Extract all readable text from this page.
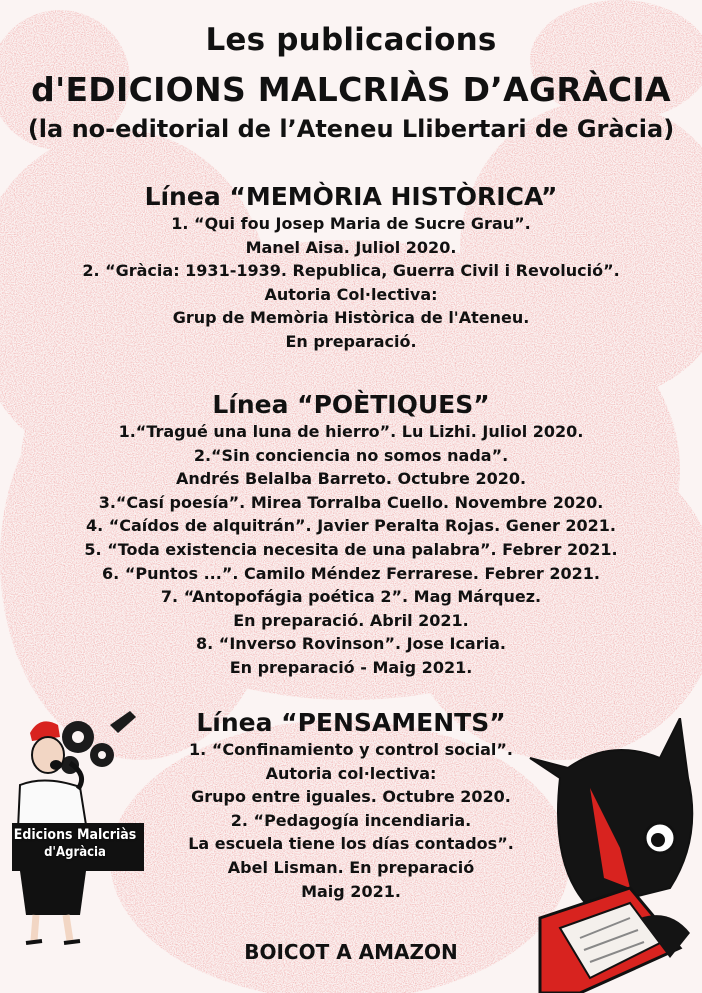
Edicions Malcriàs
d'Agràcia
Les publicacions
d'EDICIONS MALCRIÀS D’AGRÀCIA
(la no-editorial de l’Ateneu Llibertari de Gràcia)
Línea “MEMÒRIA HISTÒRICA”
1. “Qui fou Josep Maria de Sucre Grau”.
Manel Aisa. Juliol 2020.
2. “Gràcia: 1931-1939. Republica, Guerra Civil i Revolució”.
Autoria Col·lectiva:
Grup de Memòria Històrica de l'Ateneu.
En preparació.
Línea “POÈTIQUES”
1.“Tragué una luna de hierro”. Lu Lizhi. Juliol 2020.
2.“Sin conciencia no somos nada”.
Andrés Belalba Barreto. Octubre 2020.
3.“Casí poesía”. Mirea Torralba Cuello. Novembre 2020.
4. “Caídos de alquitrán”. Javier Peralta Rojas. Gener 2021.
5. “Toda existencia necesita de una palabra”. Febrer 2021.
6. “Puntos ...”. Camilo Méndez Ferrarese. Febrer 2021.
7. “Antopofágia poética 2”. Mag Márquez.
En preparació. Abril 2021.
8. “Inverso Rovinson”. Jose Icaria.
En preparació - Maig 2021.
Línea “PENSAMENTS”
1. “Confinamiento y control social”.
Autoria col·lectiva:
Grupo entre iguales. Octubre 2020.
2. “Pedagogía incendiaria.
La escuela tiene los días contados”.
Abel Lisman. En preparació
Maig 2021.
BOICOT A AMAZON
